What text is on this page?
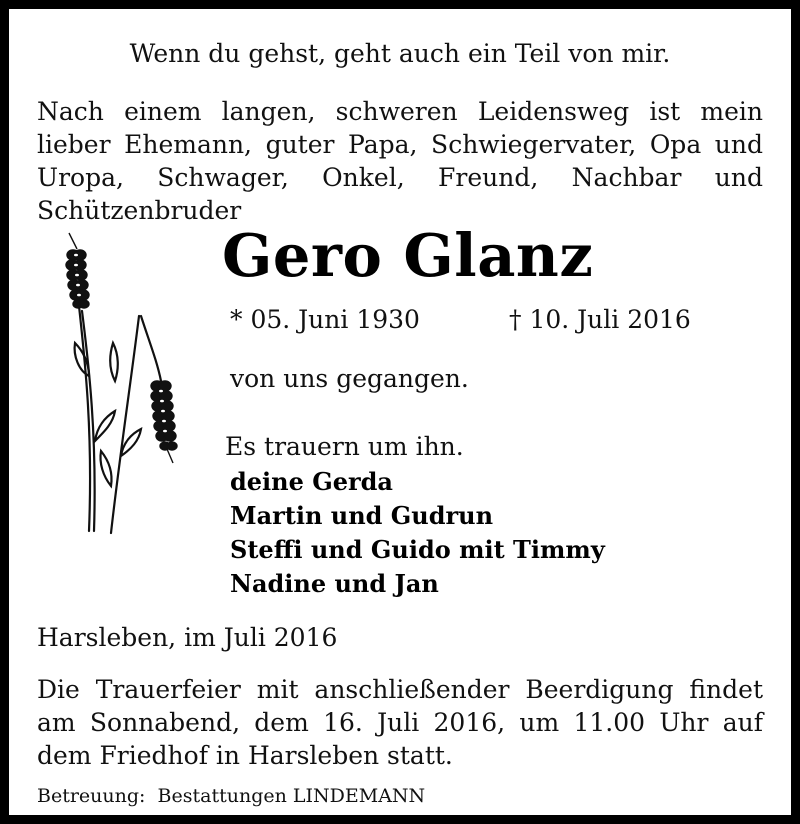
Wenn du gehst, geht auch ein Teil von mir.
Nach einem langen, schweren Leidensweg ist mein lieber Ehemann, guter Papa, Schwiegervater, Opa und Uropa, Schwager, Onkel, Freund, Nachbar und Schützenbruder
Gero Glanz
* 05. Juni 1930	† 10. Juli 2016
von uns gegangen.
Es trauern um ihn.
deine Gerda
Martin und Gudrun
Steffi und Guido mit Timmy
Nadine und Jan
Harsleben, im Juli 2016
Die Trauerfeier mit anschließender Beerdigung findet am Sonnabend, dem 16. Juli 2016, um 11.00 Uhr auf dem Friedhof in Harsleben statt.
Betreuung: Bestattungen LINDEMANN
